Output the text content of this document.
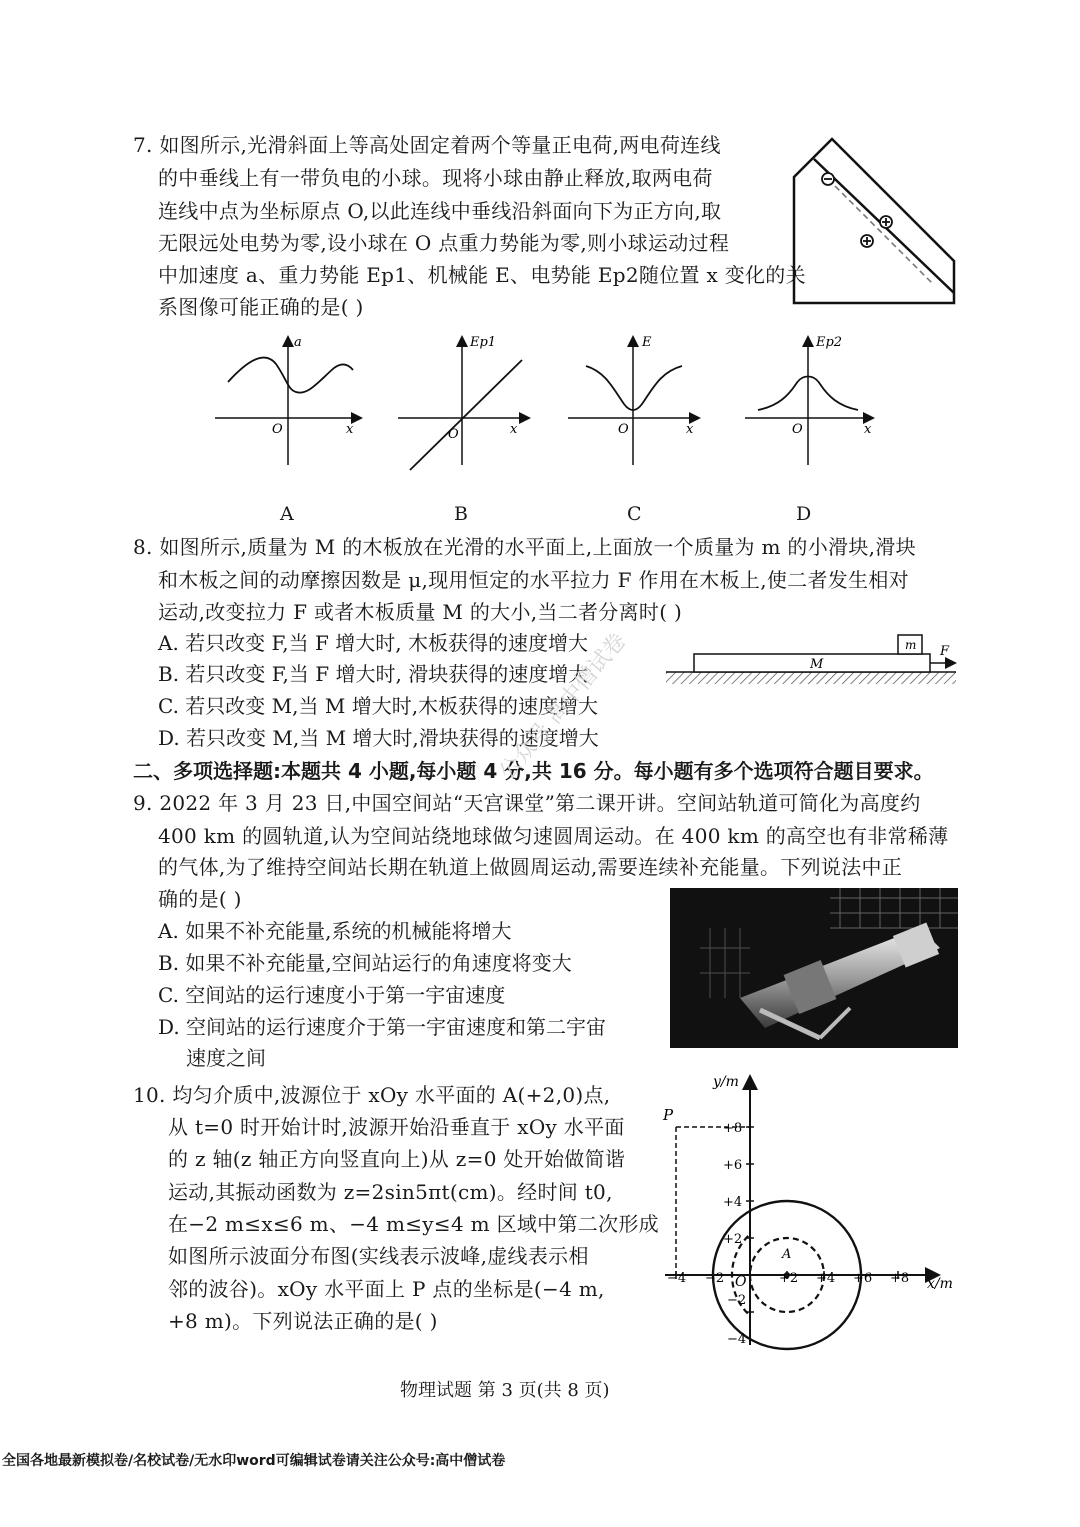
7. 如图所示,光滑斜面上等高处固定着两个等量正电荷,两电荷连线
的中垂线上有一带负电的小球。现将小球由静止释放,取两电荷
连线中点为坐标原点 O,以此连线中垂线沿斜面向下为正方向,取
无限远处电势为零,设小球在 O 点重力势能为零,则小球运动过程
中加速度 a、重力势能 Ep1、机械能 E、电势能 Ep2随位置 x 变化的关
系图像可能正确的是( )
a
O	x
Ep1
O	x
E
O	x
Ep2
O	x
A	B	C	D
8. 如图所示,质量为 M 的木板放在光滑的水平面上,上面放一个质量为 m 的小滑块,滑块
和木板之间的动摩擦因数是 μ,现用恒定的水平拉力 F 作用在木板上,使二者发生相对
运动,改变拉力 F 或者木板质量 M 的大小,当二者分离时( )
A. 若只改变 F,当 F 增大时, 木板获得的速度增大
B. 若只改变 F,当 F 增大时, 滑块获得的速度增大
C. 若只改变 M,当 M 增大时,木板获得的速度增大
D. 若只改变 M,当 M 增大时,滑块获得的速度增大
M
m F
二、多项选择题:本题共 4 小题,每小题 4 分,共 16 分。每小题有多个选项符合题目要求。
9. 2022 年 3 月 23 日,中国空间站“天宫课堂”第二课开讲。空间站轨道可简化为高度约
400 km 的圆轨道,认为空间站绕地球做匀速圆周运动。在 400 km 的高空也有非常稀薄
的气体,为了维持空间站长期在轨道上做圆周运动,需要连续补充能量。下列说法中正
确的是( )
A. 如果不补充能量,系统的机械能将增大
B. 如果不补充能量,空间站运行的角速度将变大
C. 空间站的运行速度小于第一宇宙速度
D. 空间站的运行速度介于第一宇宙速度和第二宇宙
速度之间
10. 均匀介质中,波源位于 xOy 水平面的 A(+2,0)点,
从 t=0 时开始计时,波源开始沿垂直于 xOy 水平面
的 z 轴(z 轴正方向竖直向上)从 z=0 处开始做简谐
运动,其振动函数为 z=2sin5πt(cm)。经时间 t0,
在−2 m≤x≤6 m、−4 m≤y≤4 m 区域中第二次形成
如图所示波面分布图(实线表示波峰,虚线表示相
邻的波谷)。xOy 水平面上 P 点的坐标是(−4 m,
+8 m)。下列说法正确的是( )
y/m
x/m
O
P
A
+8
+6
+4
+2
−2
−4
−4 −2	+2 +4 +6 +8
公众号 高中僧试卷
物理试题 第 3 页(共 8 页)
全国各地最新模拟卷/名校试卷/无水印word可编辑试卷请关注公众号:高中僧试卷
